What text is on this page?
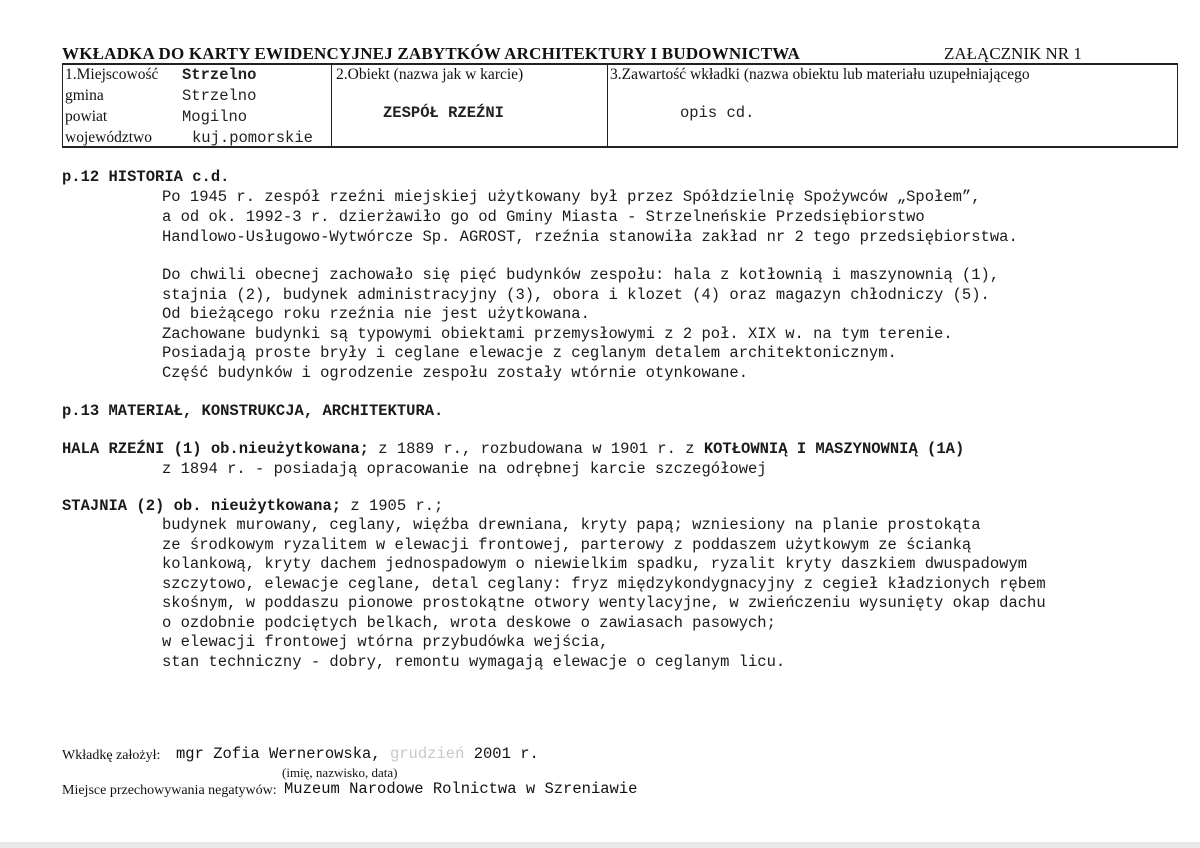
WKŁADKA DO KARTY EWIDENCYJNEJ ZABYTKÓW ARCHITEKTURY I BUDOWNICTWA	ZAŁĄCZNIK NR 1
1.Miejscowość Strzelno
gmina	Strzelno
powiat	Mogilno
województwo	kuj.pomorskie
2.Obiekt (nazwa jak w karcie)
ZESPÓŁ RZEŹNI
3.Zawartość wkładki (nazwa obiektu lub materiału uzupełniającego
opis cd.
p.12 HISTORIA c.d.
Po 1945 r. zespół rzeźni miejskiej użytkowany był przez Spółdzielnię Spożywców „Społem”,
a od ok. 1992-3 r. dzierżawiło go od Gminy Miasta - Strzelneńskie Przedsiębiorstwo
Handlowo-Usługowo-Wytwórcze Sp. AGROST, rzeźnia stanowiła zakład nr 2 tego przedsiębiorstwa.
Do chwili obecnej zachowało się pięć budynków zespołu: hala z kotłownią i maszynownią (1),
stajnia (2), budynek administracyjny (3), obora i klozet (4) oraz magazyn chłodniczy (5).
Od bieżącego roku rzeźnia nie jest użytkowana.
Zachowane budynki są typowymi obiektami przemysłowymi z 2 poł. XIX w. na tym terenie.
Posiadają proste bryły i ceglane elewacje z ceglanym detalem architektonicznym.
Część budynków i ogrodzenie zespołu zostały wtórnie otynkowane.
p.13 MATERIAŁ, KONSTRUKCJA, ARCHITEKTURA.
HALA RZEŹNI (1) ob.nieużytkowana; z 1889 r., rozbudowana w 1901 r. z KOTŁOWNIĄ I MASZYNOWNIĄ (1A)
z 1894 r. - posiadają opracowanie na odrębnej karcie szczegółowej
STAJNIA (2) ob. nieużytkowana; z 1905 r.;
budynek murowany, ceglany, więźba drewniana, kryty papą; wzniesiony na planie prostokąta
ze środkowym ryzalitem w elewacji frontowej, parterowy z poddaszem użytkowym ze ścianką
kolankową, kryty dachem jednospadowym o niewielkim spadku, ryzalit kryty daszkiem dwuspadowym
szczytowo, elewacje ceglane, detal ceglany: fryz międzykondygnacyjny z cegieł kładzionych rębem
skośnym, w poddaszu pionowe prostokątne otwory wentylacyjne, w zwieńczeniu wysunięty okap dachu
o ozdobnie podciętych belkach, wrota deskowe o zawiasach pasowych;
w elewacji frontowej wtórna przybudówka wejścia,
stan techniczny - dobry, remontu wymagają elewacje o ceglanym licu.
Wkładkę założył: mgr Zofia Wernerowska, grudzień 2001 r.
(imię, nazwisko, data)
Miejsce przechowywania negatywów: Muzeum Narodowe Rolnictwa w Szreniawie
